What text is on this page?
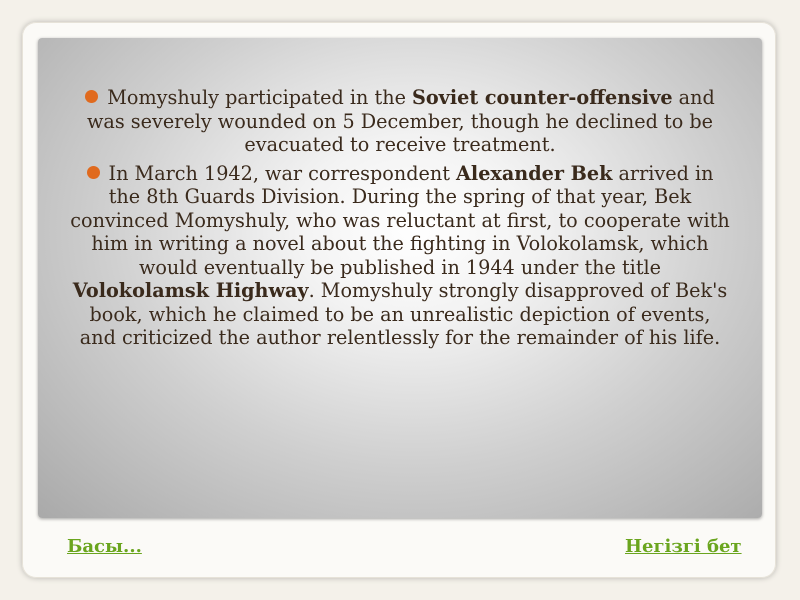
Momyshuly participated in the Soviet counter-offensive and was severely wounded on 5 December, though he declined to be evacuated to receive treatment.

In March 1942, war correspondent Alexander Bek arrived in the 8th Guards Division. During the spring of that year, Bek convinced Momyshuly, who was reluctant at first, to cooperate with him in writing a novel about the fighting in Volokolamsk, which would eventually be published in 1944 under the title Volokolamsk Highway. Momyshuly strongly disapproved of Bek's book, which he claimed to be an unrealistic depiction of events, and criticized the author relentlessly for the remainder of his life.

Басы...	Негізгі бет
